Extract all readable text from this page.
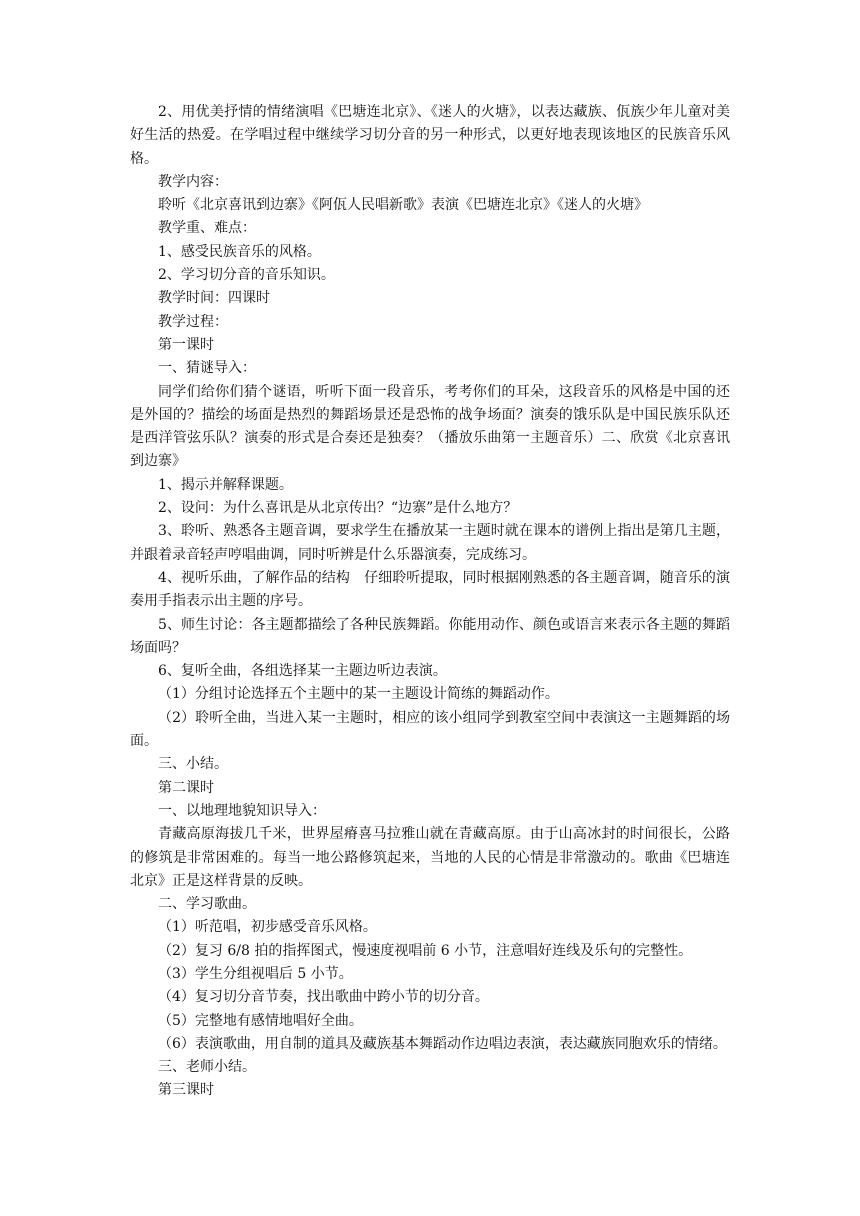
2、用优美抒情的情绪演唱《巴塘连北京》、《迷人的火塘》，以表达藏族、佤族少年儿童对美好生活的热爱。在学唱过程中继续学习切分音的另一种形式，以更好地表现该地区的民族音乐风格。

教学内容：

聆听《北京喜讯到边寨》《阿佤人民唱新歌》表演《巴塘连北京》《迷人的火塘》

教学重、难点：

1、感受民族音乐的风格。

2、学习切分音的音乐知识。

教学时间：四课时

教学过程：

第一课时

一、猜谜导入：

同学们给你们猜个谜语，听听下面一段音乐，考考你们的耳朵，这段音乐的风格是中国的还是外国的？描绘的场面是热烈的舞蹈场景还是恐怖的战争场面？演奏的饿乐队是中国民族乐队还是西洋管弦乐队？演奏的形式是合奏还是独奏？（播放乐曲第一主题音乐）二、欣赏《北京喜讯到边寨》

1、揭示并解释课题。

2、设问：为什么喜讯是从北京传出？“边寨”是什么地方？

3、聆听、熟悉各主题音调，要求学生在播放某一主题时就在课本的谱例上指出是第几主题，并跟着录音轻声哼唱曲调，同时听辨是什么乐器演奏，完成练习。

4、视听乐曲，了解作品的结构　仔细聆听提取，同时根据刚熟悉的各主题音调，随音乐的演奏用手指表示出主题的序号。

5、师生讨论：各主题都描绘了各种民族舞蹈。你能用动作、颜色或语言来表示各主题的舞蹈场面吗？

6、复听全曲，各组选择某一主题边听边表演。

（1）分组讨论选择五个主题中的某一主题设计简练的舞蹈动作。

（2）聆听全曲，当进入某一主题时，相应的该小组同学到教室空间中表演这一主题舞蹈的场面。

三、小结。

第二课时

一、以地理地貌知识导入：

青藏高原海拔几千米，世界屋瘠喜马拉雅山就在青藏高原。由于山高冰封的时间很长，公路的修筑是非常困难的。每当一地公路修筑起来，当地的人民的心情是非常激动的。歌曲《巴塘连北京》正是这样背景的反映。

二、学习歌曲。

（1）听范唱，初步感受音乐风格。

（2）复习 6/8 拍的指挥图式，慢速度视唱前 6 小节，注意唱好连线及乐句的完整性。

（3）学生分组视唱后 5 小节。

（4）复习切分音节奏，找出歌曲中跨小节的切分音。

（5）完整地有感情地唱好全曲。

（6）表演歌曲，用自制的道具及藏族基本舞蹈动作边唱边表演，表达藏族同胞欢乐的情绪。

三、老师小结。

第三课时
